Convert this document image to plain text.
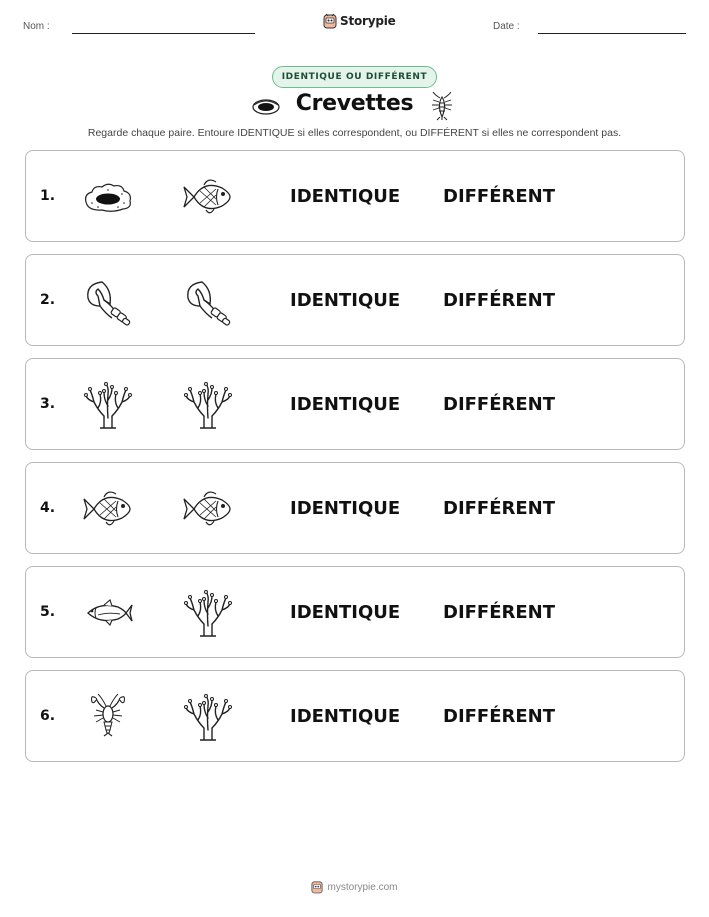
Nom :	Storypie	Date :
IDENTIQUE OU DIFFÉRENT
Crevettes
Regarde chaque paire. Entoure IDENTIQUE si elles correspondent, ou DIFFÉRENT si elles ne correspondent pas.
1.	IDENTIQUE DIFFÉRENT
2.	IDENTIQUE DIFFÉRENT
3.	IDENTIQUE DIFFÉRENT
4.	IDENTIQUE DIFFÉRENT
5.	IDENTIQUE DIFFÉRENT
6.	IDENTIQUE DIFFÉRENT
mystorypie.com
